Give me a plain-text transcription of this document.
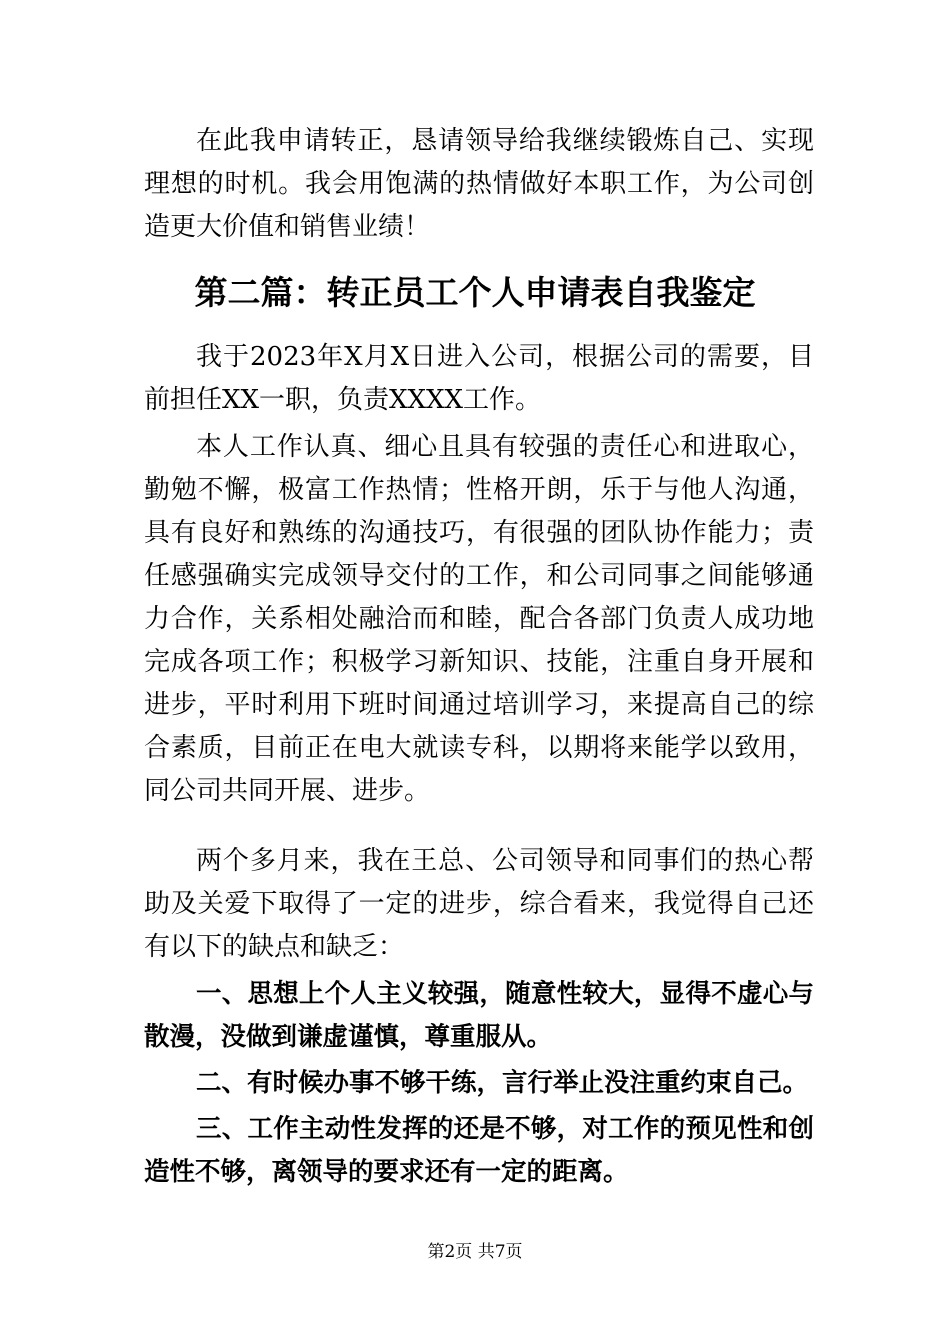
在此我申请转正，恳请领导给我继续锻炼自己、实现理想的时机。我会用饱满的热情做好本职工作，为公司创造更大价值和销售业绩！

第二篇：转正员工个人申请表自我鉴定

我于2023年X月X日进入公司，根据公司的需要，目前担任XX一职，负责XXXX工作。

本人工作认真、细心且具有较强的责任心和进取心，勤勉不懈，极富工作热情；性格开朗，乐于与他人沟通，具有良好和熟练的沟通技巧，有很强的团队协作能力；责任感强确实完成领导交付的工作，和公司同事之间能够通力合作，关系相处融洽而和睦，配合各部门负责人成功地完成各项工作；积极学习新知识、技能，注重自身开展和进步，平时利用下班时间通过培训学习，来提高自己的综合素质，目前正在电大就读专科，以期将来能学以致用，同公司共同开展、进步。

两个多月来，我在王总、公司领导和同事们的热心帮助及关爱下取得了一定的进步，综合看来，我觉得自己还有以下的缺点和缺乏：

一、思想上个人主义较强，随意性较大，显得不虚心与散漫，没做到谦虚谨慎，尊重服从。

二、有时候办事不够干练，言行举止没注重约束自己。

三、工作主动性发挥的还是不够，对工作的预见性和创造性不够，离领导的要求还有一定的距离。

第2页 共7页
